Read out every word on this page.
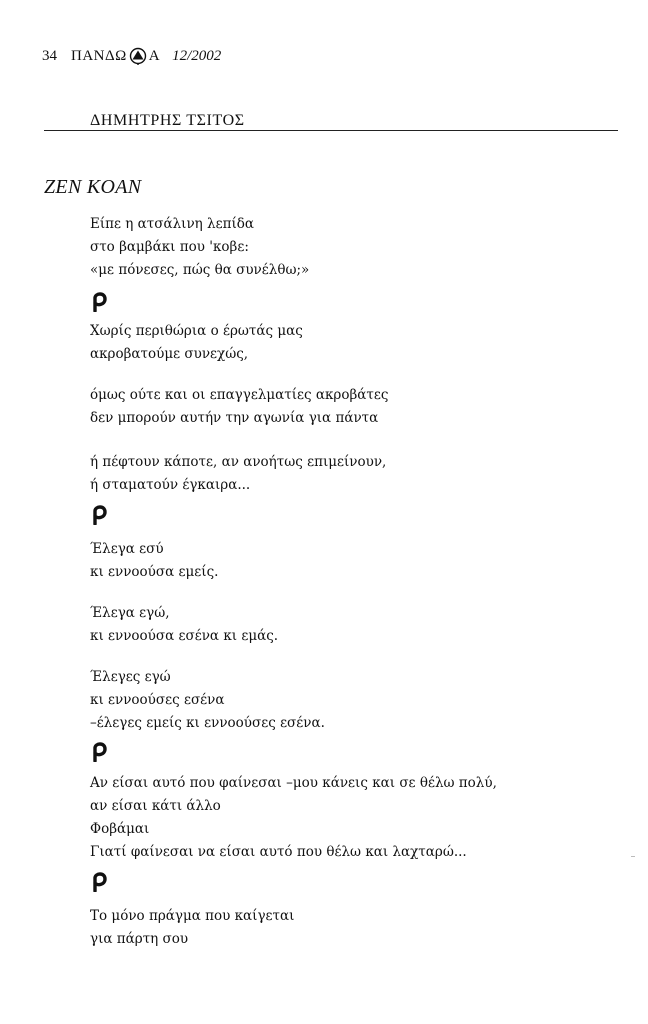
34 ΠΑΝΔΩ Α 12/2002
ΔΗΜΗΤΡΗΣ ΤΣΙΤΟΣ
ZEN KOAN
Είπε η ατσάλινη λεπίδα
στο βαμβάκι που 'κοβε:
«με πόνεσες, πώς θα συνέλθω;»
Χωρίς περιθώρια ο έρωτάς μας
ακροβατούμε συνεχώς,
όμως ούτε και οι επαγγελματίες ακροβάτες
δεν μπορούν αυτήν την αγωνία για πάντα
ή πέφτουν κάποτε, αν ανοήτως επιμείνουν,
ή σταματούν έγκαιρα...
Έλεγα εσύ
κι εννοούσα εμείς.
Έλεγα εγώ,
κι εννοούσα εσένα κι εμάς.
Έλεγες εγώ
κι εννοούσες εσένα
–έλεγες εμείς κι εννοούσες εσένα.
Αν είσαι αυτό που φαίνεσαι –μου κάνεις και σε θέλω πολύ,
αν είσαι κάτι άλλο
Φοβάμαι
Γιατί φαίνεσαι να είσαι αυτό που θέλω και λαχταρώ...
Το μόνο πράγμα που καίγεται
για πάρτη σου
